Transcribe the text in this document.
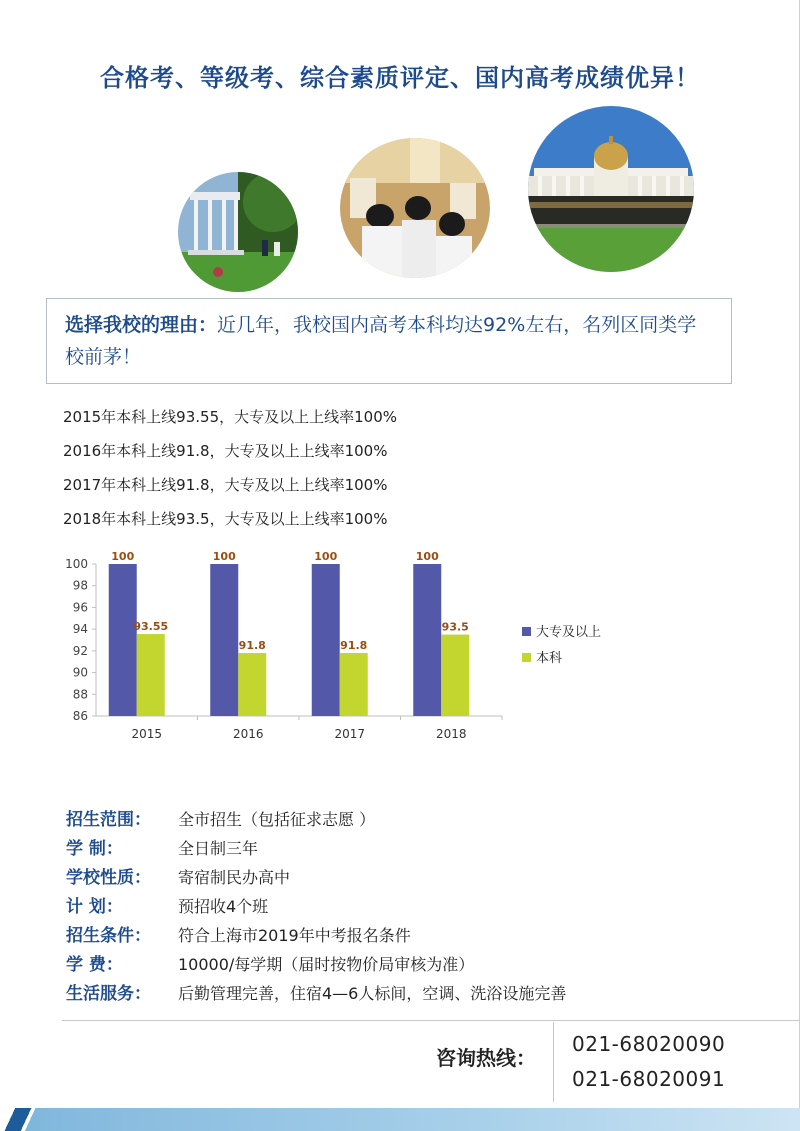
合格考、等级考、综合素质评定、国内高考成绩优异！
选择我校的理由：近几年，我校国内高考本科均达92%左右，名列区同类学校前茅！
2015年本科上线93.55，大专及以上上线率100%
2016年本科上线91.8，大专及以上上线率100%
2017年本科上线91.8，大专及以上上线率100%
2018年本科上线93.5，大专及以上上线率100%
86
88
90
92
94
96
98
100
100
93.55
2015
100
91.8
2016
100
91.8
2017
100
93.5
2018
大专及以上
本科
招生范围： 全市招生（包括征求志愿 ）
学 制：	全日制三年
学校性质： 寄宿制民办高中
计 划：	预招收4个班
招生条件： 符合上海市2019年中考报名条件
学 费：	10000/每学期（届时按物价局审核为准）
生活服务： 后勤管理完善，住宿4—6人标间，空调、洗浴设施完善
咨询热线：
021-68020090
021-68020091
